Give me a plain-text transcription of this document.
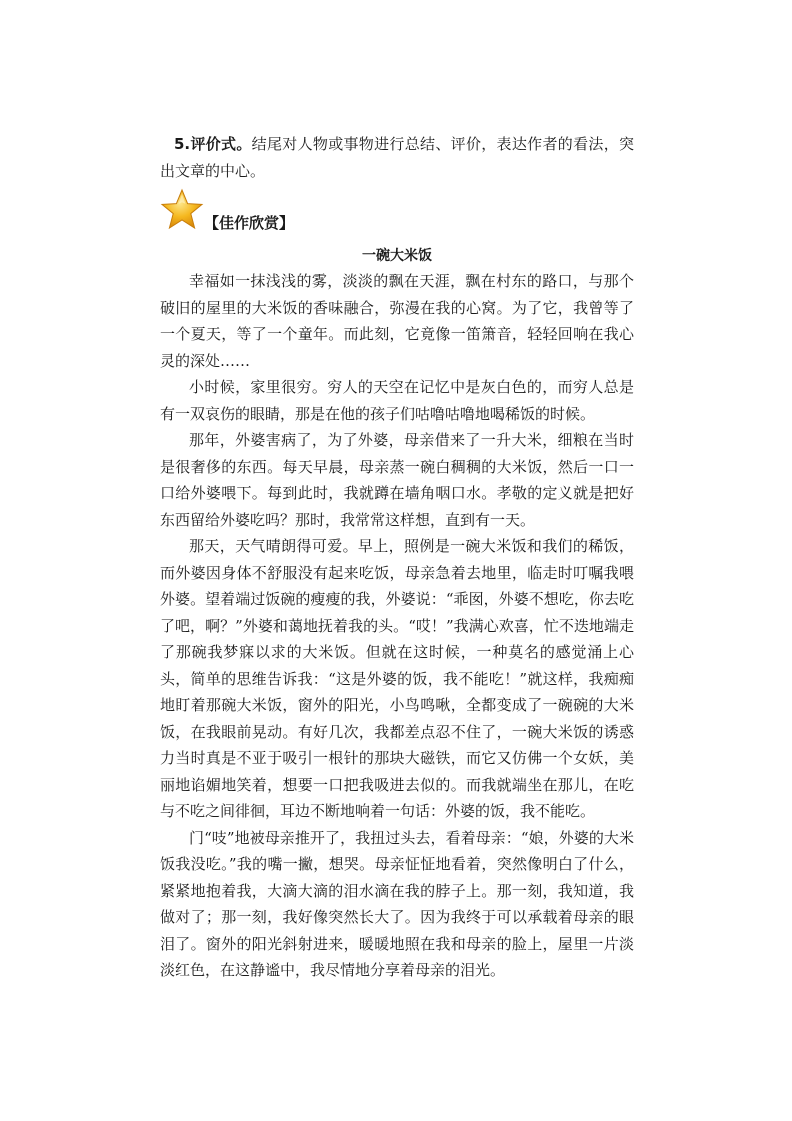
5.评价式。结尾对人物或事物进行总结、评价，表达作者的看法，突出文章的中心。
【佳作欣赏】
一碗大米饭

幸福如一抹浅浅的雾，淡淡的飘在天涯，飘在村东的路口，与那个破旧的屋里的大米饭的香味融合，弥漫在我的心窝。为了它，我曾等了一个夏天，等了一个童年。而此刻，它竟像一笛箫音，轻轻回响在我心灵的深处……

小时候，家里很穷。穷人的天空在记忆中是灰白色的，而穷人总是有一双哀伤的眼睛，那是在他的孩子们咕噜咕噜地喝稀饭的时候。

那年，外婆害病了，为了外婆，母亲借来了一升大米，细粮在当时是很奢侈的东西。每天早晨，母亲蒸一碗白稠稠的大米饭，然后一口一口给外婆喂下。每到此时，我就蹲在墙角咽口水。孝敬的定义就是把好东西留给外婆吃吗？那时，我常常这样想，直到有一天。

那天，天气晴朗得可爱。早上，照例是一碗大米饭和我们的稀饭，而外婆因身体不舒服没有起来吃饭，母亲急着去地里，临走时叮嘱我喂外婆。望着端过饭碗的瘦瘦的我，外婆说：“乖囡，外婆不想吃，你去吃了吧，啊？”外婆和蔼地抚着我的头。“哎！”我满心欢喜，忙不迭地端走了那碗我梦寐以求的大米饭。但就在这时候，一种莫名的感觉涌上心头，简单的思维告诉我：“这是外婆的饭，我不能吃！”就这样，我痴痴地盯着那碗大米饭，窗外的阳光，小鸟鸣啾，全都变成了一碗碗的大米饭，在我眼前晃动。有好几次，我都差点忍不住了，一碗大米饭的诱惑力当时真是不亚于吸引一根针的那块大磁铁，而它又仿佛一个女妖，美丽地谄媚地笑着，想要一口把我吸进去似的。而我就端坐在那儿，在吃与不吃之间徘徊，耳边不断地响着一句话：外婆的饭，我不能吃。

门“吱”地被母亲推开了，我扭过头去，看着母亲：“娘，外婆的大米饭我没吃。”我的嘴一撇，想哭。母亲怔怔地看着，突然像明白了什么，紧紧地抱着我，大滴大滴的泪水滴在我的脖子上。那一刻，我知道，我做对了；那一刻，我好像突然长大了。因为我终于可以承载着母亲的眼泪了。窗外的阳光斜射进来，暖暖地照在我和母亲的脸上，屋里一片淡淡红色，在这静谧中，我尽情地分享着母亲的泪光。
